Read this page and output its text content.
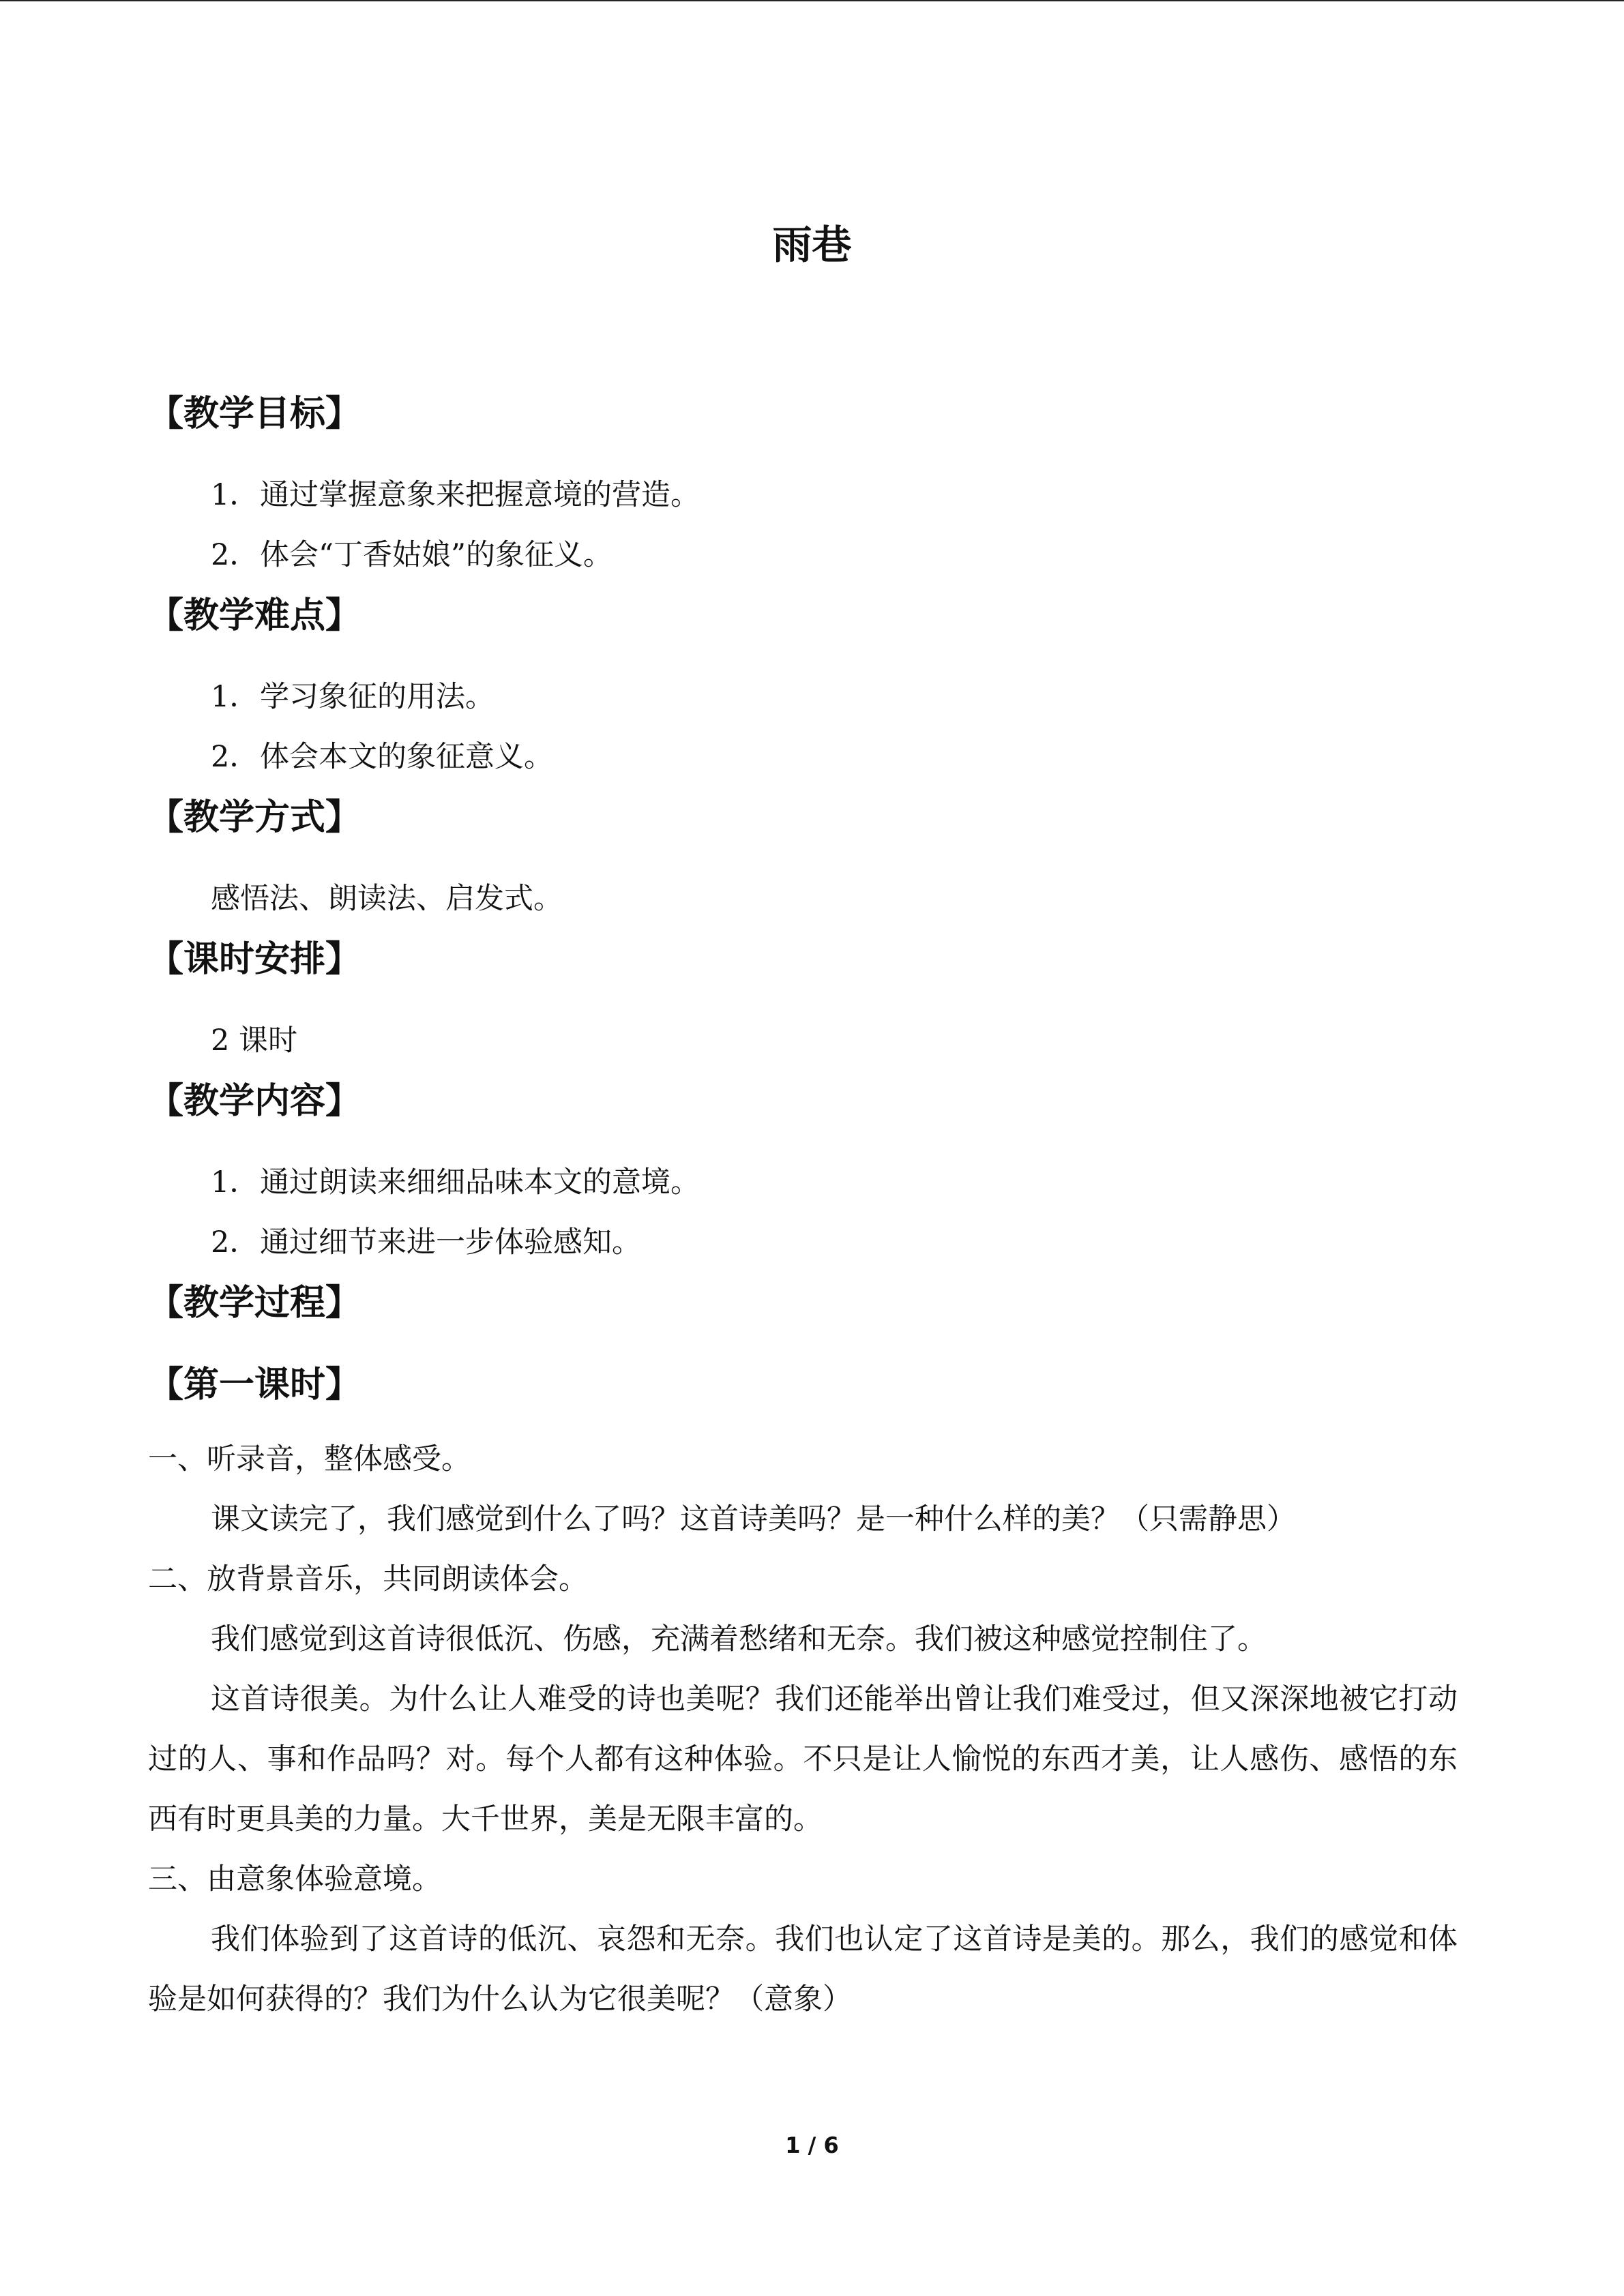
雨巷
【教学目标】
1．通过掌握意象来把握意境的营造。
2．体会“丁香姑娘”的象征义。
【教学难点】
1．学习象征的用法。
2．体会本文的象征意义。
【教学方式】
感悟法、朗读法、启发式。
【课时安排】
2 课时
【教学内容】
1．通过朗读来细细品味本文的意境。
2．通过细节来进一步体验感知。
【教学过程】
【第一课时】
一、听录音，整体感受。
课文读完了，我们感觉到什么了吗？这首诗美吗？是一种什么样的美？（只需静思）
二、放背景音乐，共同朗读体会。
我们感觉到这首诗很低沉、伤感，充满着愁绪和无奈。我们被这种感觉控制住了。
这首诗很美。为什么让人难受的诗也美呢？我们还能举出曾让我们难受过，但又深深地被它打动过的人、事和作品吗？对。每个人都有这种体验。不只是让人愉悦的东西才美，让人感伤、感悟的东西有时更具美的力量。大千世界，美是无限丰富的。
三、由意象体验意境。
我们体验到了这首诗的低沉、哀怨和无奈。我们也认定了这首诗是美的。那么，我们的感觉和体验是如何获得的？我们为什么认为它很美呢？（意象）
1 / 6
